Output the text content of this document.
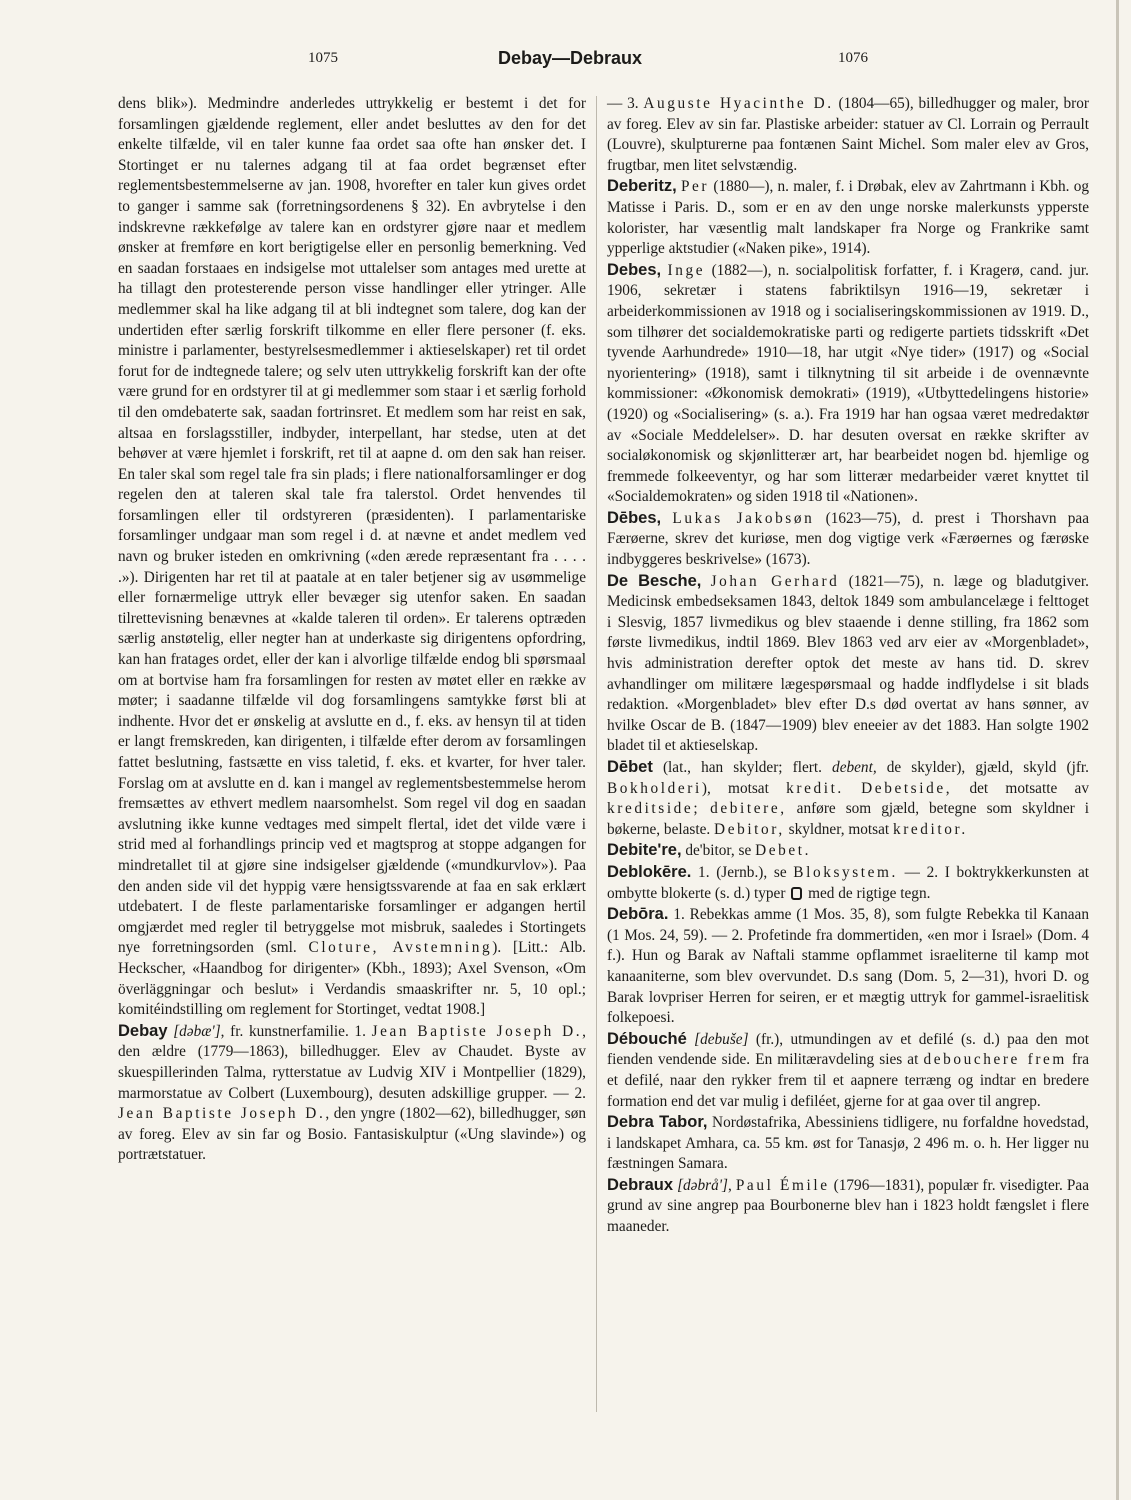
1075	Debay—Debraux	1076

dens blik»). Medmindre anderledes uttrykkelig er bestemt i det for forsamlingen gjældende reglement, eller andet besluttes av den for det enkelte tilfælde, vil en taler kunne faa ordet saa ofte han ønsker det. I Stortinget er nu talernes adgang til at faa ordet begrænset efter reglementsbestemmelserne av jan. 1908, hvorefter en taler kun gives ordet to ganger i samme sak (forretningsordenens § 32). En avbrytelse i den indskrevne rækkefølge av talere kan en ordstyrer gjøre naar et medlem ønsker at fremføre en kort berigtigelse eller en personlig bemerkning. Ved en saadan forstaaes en indsigelse mot uttalelser som antages med urette at ha tillagt den protesterende person visse handlinger eller ytringer. Alle medlemmer skal ha like adgang til at bli indtegnet som talere, dog kan der undertiden efter særlig forskrift tilkomme en eller flere personer (f. eks. ministre i parlamenter, bestyrelsesmedlemmer i aktieselskaper) ret til ordet forut for de indtegnede talere; og selv uten uttrykkelig forskrift kan der ofte være grund for en ordstyrer til at gi medlemmer som staar i et særlig forhold til den omdebaterte sak, saadan fortrinsret. Et medlem som har reist en sak, altsaa en forslagsstiller, indbyder, interpellant, har stedse, uten at det behøver at være hjemlet i forskrift, ret til at aapne d. om den sak han reiser. En taler skal som regel tale fra sin plads; i flere nationalforsamlinger er dog regelen den at taleren skal tale fra talerstol. Ordet henvendes til forsamlingen eller til ordstyreren (præsidenten). I parlamentariske forsamlinger undgaar man som regel i d. at nævne et andet medlem ved navn og bruker isteden en omkrivning («den ærede repræsentant fra . . . . .»). Dirigenten har ret til at paatale at en taler betjener sig av usømmelige eller fornærmelige uttryk eller bevæger sig utenfor saken. En saadan tilrettevisning benævnes at «kalde taleren til orden». Er talerens optræden særlig anstøtelig, eller negter han at underkaste sig dirigentens opfordring, kan han fratages ordet, eller der kan i alvorlige tilfælde endog bli spørsmaal om at bortvise ham fra forsamlingen for resten av møtet eller en række av møter; i saadanne tilfælde vil dog forsamlingens samtykke først bli at indhente. Hvor det er ønskelig at avslutte en d., f. eks. av hensyn til at tiden er langt fremskreden, kan dirigenten, i tilfælde efter derom av forsamlingen fattet beslutning, fastsætte en viss taletid, f. eks. et kvarter, for hver taler. Forslag om at avslutte en d. kan i mangel av reglementsbestemmelse herom fremsættes av ethvert medlem naarsomhelst. Som regel vil dog en saadan avslutning ikke kunne vedtages med simpelt flertal, idet det vilde være i strid med al forhandlings princip ved et magtsprog at stoppe adgangen for mindretallet til at gjøre sine indsigelser gjældende («mundkurvlov»). Paa den anden side vil det hyppig være hensigtssvarende at faa en sak erklært utdebatert. I de fleste parlamentariske forsamlinger er adgangen hertil omgjærdet med regler til betryggelse mot misbruk, saaledes i Stortingets nye forretningsorden (sml. Cloture, Avstemning). [Litt.: Alb. Heckscher, «Haandbog for dirigenter» (Kbh., 1893); Axel Svenson, «Om överläggningar och beslut» i Verdandis smaaskrifter nr. 5, 10 opl.; komitéindstilling om reglement for Stortinget, vedtat 1908.]

Debay [dəbæ'], fr. kunstnerfamilie. 1. Jean Baptiste Joseph D., den ældre (1779—1863), billedhugger. Elev av Chaudet. Byste av skuespillerinden Talma, rytterstatue av Ludvig XIV i Montpellier (1829), marmorstatue av Colbert (Luxembourg), desuten adskillige grupper. — 2. Jean Baptiste Joseph D., den yngre (1802—62), billedhugger, søn av foreg. Elev av sin far og Bosio. Fantasiskulptur («Ung slavinde») og portrætstatuer.

— 3. Auguste Hyacinthe D. (1804—65), billedhugger og maler, bror av foreg. Elev av sin far. Plastiske arbeider: statuer av Cl. Lorrain og Perrault (Louvre), skulpturerne paa fontænen Saint Michel. Som maler elev av Gros, frugtbar, men litet selvstændig.

Deberitz, Per (1880—), n. maler, f. i Drøbak, elev av Zahrtmann i Kbh. og Matisse i Paris. D., som er en av den unge norske malerkunsts ypperste kolorister, har væsentlig malt landskaper fra Norge og Frankrike samt ypperlige aktstudier («Naken pike», 1914).

Debes, Inge (1882—), n. socialpolitisk forfatter, f. i Kragerø, cand. jur. 1906, sekretær i statens fabriktilsyn 1916—19, sekretær i arbeiderkommissionen av 1918 og i socialiseringskommissionen av 1919. D., som tilhører det socialdemokratiske parti og redigerte partiets tidsskrift «Det tyvende Aarhundrede» 1910—18, har utgit «Nye tider» (1917) og «Social nyorientering» (1918), samt i tilknytning til sit arbeide i de ovennævnte kommissioner: «Økonomisk demokrati» (1919), «Utbyttedelingens historie» (1920) og «Socialisering» (s. a.). Fra 1919 har han ogsaa været medredaktør av «Sociale Meddelelser». D. har desuten oversat en række skrifter av socialøkonomisk og skjønlitterær art, har bearbeidet nogen bd. hjemlige og fremmede folkeeventyr, og har som litterær medarbeider været knyttet til «Socialdemokraten» og siden 1918 til «Nationen».

Dēbes, Lukas Jakobsøn (1623—75), d. prest i Thorshavn paa Færøerne, skrev det kuriøse, men dog vigtige verk «Færøernes og færøske indbyggeres beskrivelse» (1673).

De Besche, Johan Gerhard (1821—75), n. læge og bladutgiver. Medicinsk embedseksamen 1843, deltok 1849 som ambulancelæge i felttoget i Slesvig, 1857 livmedikus og blev staaende i denne stilling, fra 1862 som første livmedikus, indtil 1869. Blev 1863 ved arv eier av «Morgenbladet», hvis administration derefter optok det meste av hans tid. D. skrev avhandlinger om militære lægespørsmaal og hadde indflydelse i sit blads redaktion. «Morgenbladet» blev efter D.s død overtat av hans sønner, av hvilke Oscar de B. (1847—1909) blev eneeier av det 1883. Han solgte 1902 bladet til et aktieselskap.

Dēbet (lat., han skylder; flert. debent, de skylder), gjæld, skyld (jfr. Bokholderi), motsat kredit. Debetside, det motsatte av kreditside; debitere, anføre som gjæld, betegne som skyldner i bøkerne, belaste. Debitor, skyldner, motsat kreditor.

Debite're, de'bitor, se Debet.

Deblokēre. 1. (Jernb.), se Bloksystem. — 2. I boktrykkerkunsten at ombytte blokerte (s. d.) typer  med de rigtige tegn.

Debōra. 1. Rebekkas amme (1 Mos. 35, 8), som fulgte Rebekka til Kanaan (1 Mos. 24, 59). — 2. Profetinde fra dommertiden, «en mor i Israel» (Dom. 4 f.). Hun og Barak av Naftali stamme opflammet israeliterne til kamp mot kanaaniterne, som blev overvundet. D.s sang (Dom. 5, 2—31), hvori D. og Barak lovpriser Herren for seiren, er et mægtig uttryk for gammel-israelitisk folkepoesi.

Débouché [debuše] (fr.), utmundingen av et defilé (s. d.) paa den mot fienden vendende side. En militæravdeling sies at debouchere frem fra et defilé, naar den rykker frem til et aapnere terræng og indtar en bredere formation end det var mulig i defiléet, gjerne for at gaa over til angrep.

Debra Tabor, Nordøstafrika, Abessiniens tidligere, nu forfaldne hovedstad, i landskapet Amhara, ca. 55 km. øst for Tanasjø, 2 496 m. o. h. Her ligger nu fæstningen Samara.

Debraux [dəbrå'], Paul Émile (1796—1831), populær fr. visedigter. Paa grund av sine angrep paa Bourbonerne blev han i 1823 holdt fængslet i flere maaneder.
